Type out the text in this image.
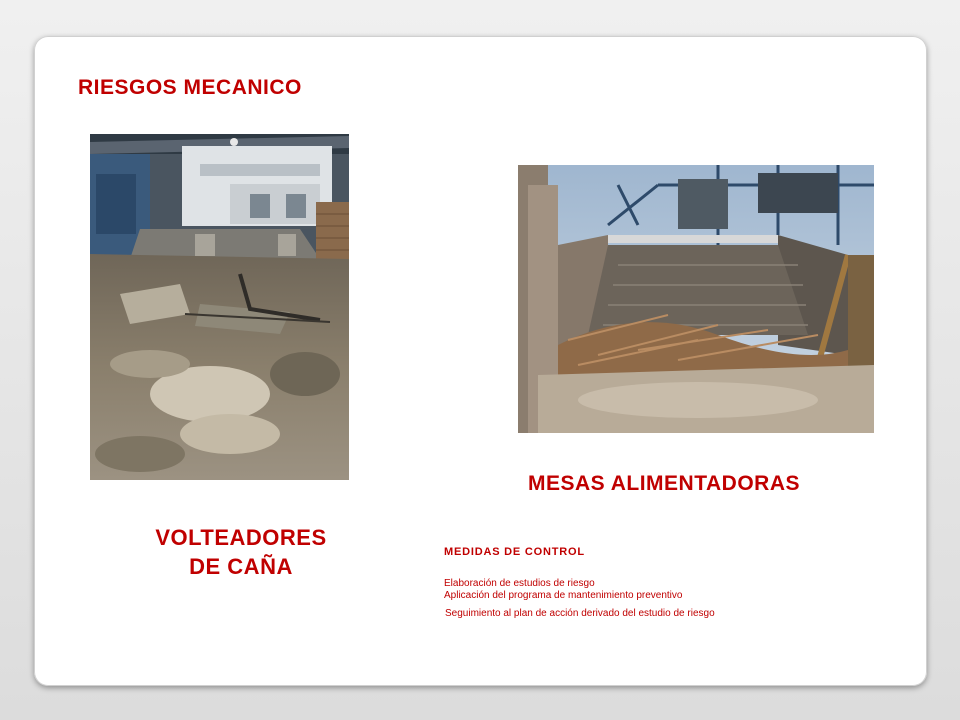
RIESGOS MECANICO
MESAS ALIMENTADORAS
VOLTEADORES
DE CAÑA
MEDIDAS DE CONTROL
Elaboración de estudios de riesgo
Aplicación del programa de mantenimiento preventivo
Seguimiento al plan de acción derivado del estudio de riesgo
